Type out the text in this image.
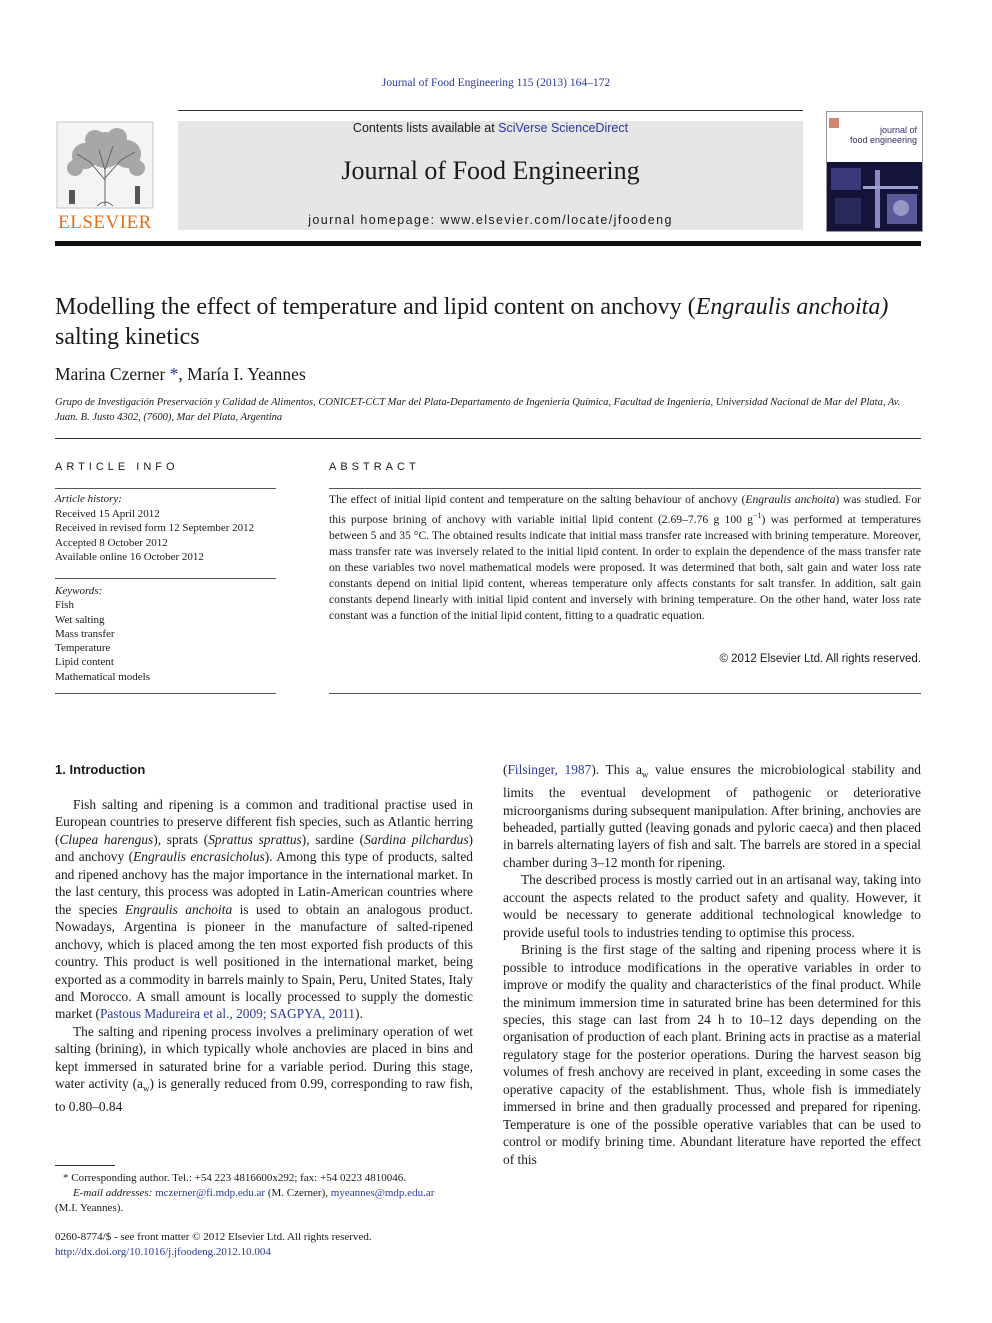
Journal of Food Engineering 115 (2013) 164–172
ELSEVIER
Contents lists available at SciVerse ScienceDirect
Journal of Food Engineering
journal homepage: www.elsevier.com/locate/jfoodeng
journal of
food engineering
Modelling the effect of temperature and lipid content on anchovy (Engraulis anchoita) salting kinetics
Marina Czerner *, María I. Yeannes
Grupo de Investigación Preservación y Calidad de Alimentos, CONICET-CCT Mar del Plata-Departamento de Ingeniería Química, Facultad de Ingeniería, Universidad Nacional de Mar del Plata, Av. Juan. B. Justo 4302, (7600), Mar del Plata, Argentina
ARTICLE INFO
Article history:
Received 15 April 2012
Received in revised form 12 September 2012
Accepted 8 October 2012
Available online 16 October 2012
Keywords:
Fish
Wet salting
Mass transfer
Temperature
Lipid content
Mathematical models
ABSTRACT
The effect of initial lipid content and temperature on the salting behaviour of anchovy (Engraulis anchoita) was studied. For this purpose brining of anchovy with variable initial lipid content (2.69–7.76 g 100 $g^{-1}$) was performed at temperatures between 5 and 35 °C. The obtained results indicate that initial mass transfer rate increased with brining temperature. Moreover, mass transfer rate was inversely related to the initial lipid content. In order to explain the dependence of the mass transfer rate on these variables two novel mathematical models were proposed. It was determined that both, salt gain and water loss rate constants depend on initial lipid content, whereas temperature only affects constants for salt transfer. In addition, salt gain constants depend linearly with initial lipid content and inversely with brining temperature. On the other hand, water loss rate constant was a function of the initial lipid content, fitting to a quadratic equation.
© 2012 Elsevier Ltd. All rights reserved.
1. Introduction

Fish salting and ripening is a common and traditional practise used in European countries to preserve different fish species, such as Atlantic herring (Clupea harengus), sprats (Sprattus sprattus), sardine (Sardina pilchardus) and anchovy (Engraulis encrasicholus). Among this type of products, salted and ripened anchovy has the major importance in the international market. In the last century, this process was adopted in Latin-American countries where the species Engraulis anchoita is used to obtain an analogous product. Nowadays, Argentina is pioneer in the manufacture of salted-ripened anchovy, which is placed among the ten most exported fish products of this country. This product is well positioned in the international market, being exported as a commodity in barrels mainly to Spain, Peru, United States, Italy and Morocco. A small amount is locally processed to supply the domestic market (Pastous Madureira et al., 2009; SAGPYA, 2011).

The salting and ripening process involves a preliminary operation of wet salting (brining), in which typically whole anchovies are placed in bins and kept immersed in saturated brine for a variable period. During this stage, water activity $(a_w)$ is generally reduced from 0.99, corresponding to raw fish, to 0.80–0.84

(Filsinger, 1987). This $a_w$ value ensures the microbiological stability and limits the eventual development of pathogenic or deteriorative microorganisms during subsequent manipulation. After brining, anchovies are beheaded, partially gutted (leaving gonads and pyloric caeca) and then placed in barrels alternating layers of fish and salt. The barrels are stored in a special chamber during 3–12 month for ripening.

The described process is mostly carried out in an artisanal way, taking into account the aspects related to the product safety and quality. However, it would be necessary to generate additional technological knowledge to provide useful tools to industries tending to optimise this process.

Brining is the first stage of the salting and ripening process where it is possible to introduce modifications in the operative variables in order to improve or modify the quality and characteristics of the final product. While the minimum immersion time in saturated brine has been determined for this species, this stage can last from 24 h to 10–12 days depending on the organisation of production of each plant. Brining acts in practise as a material regulatory stage for the posterior operations. During the harvest season big volumes of fresh anchovy are received in plant, exceeding in some cases the operative capacity of the establishment. Thus, whole fish is immediately immersed in brine and then gradually processed and prepared for ripening. Temperature is one of the possible operative variables that can be used to control or modify brining time. Abundant literature have reported the effect of this

* Corresponding author. Tel.: +54 223 4816600x292; fax: +54 0223 4810046.
E-mail addresses: mczerner@fi.mdp.edu.ar (M. Czerner), myeannes@mdp.edu.ar
(M.I. Yeannes).
0260-8774/$ - see front matter © 2012 Elsevier Ltd. All rights reserved.
http://dx.doi.org/10.1016/j.jfoodeng.2012.10.004
